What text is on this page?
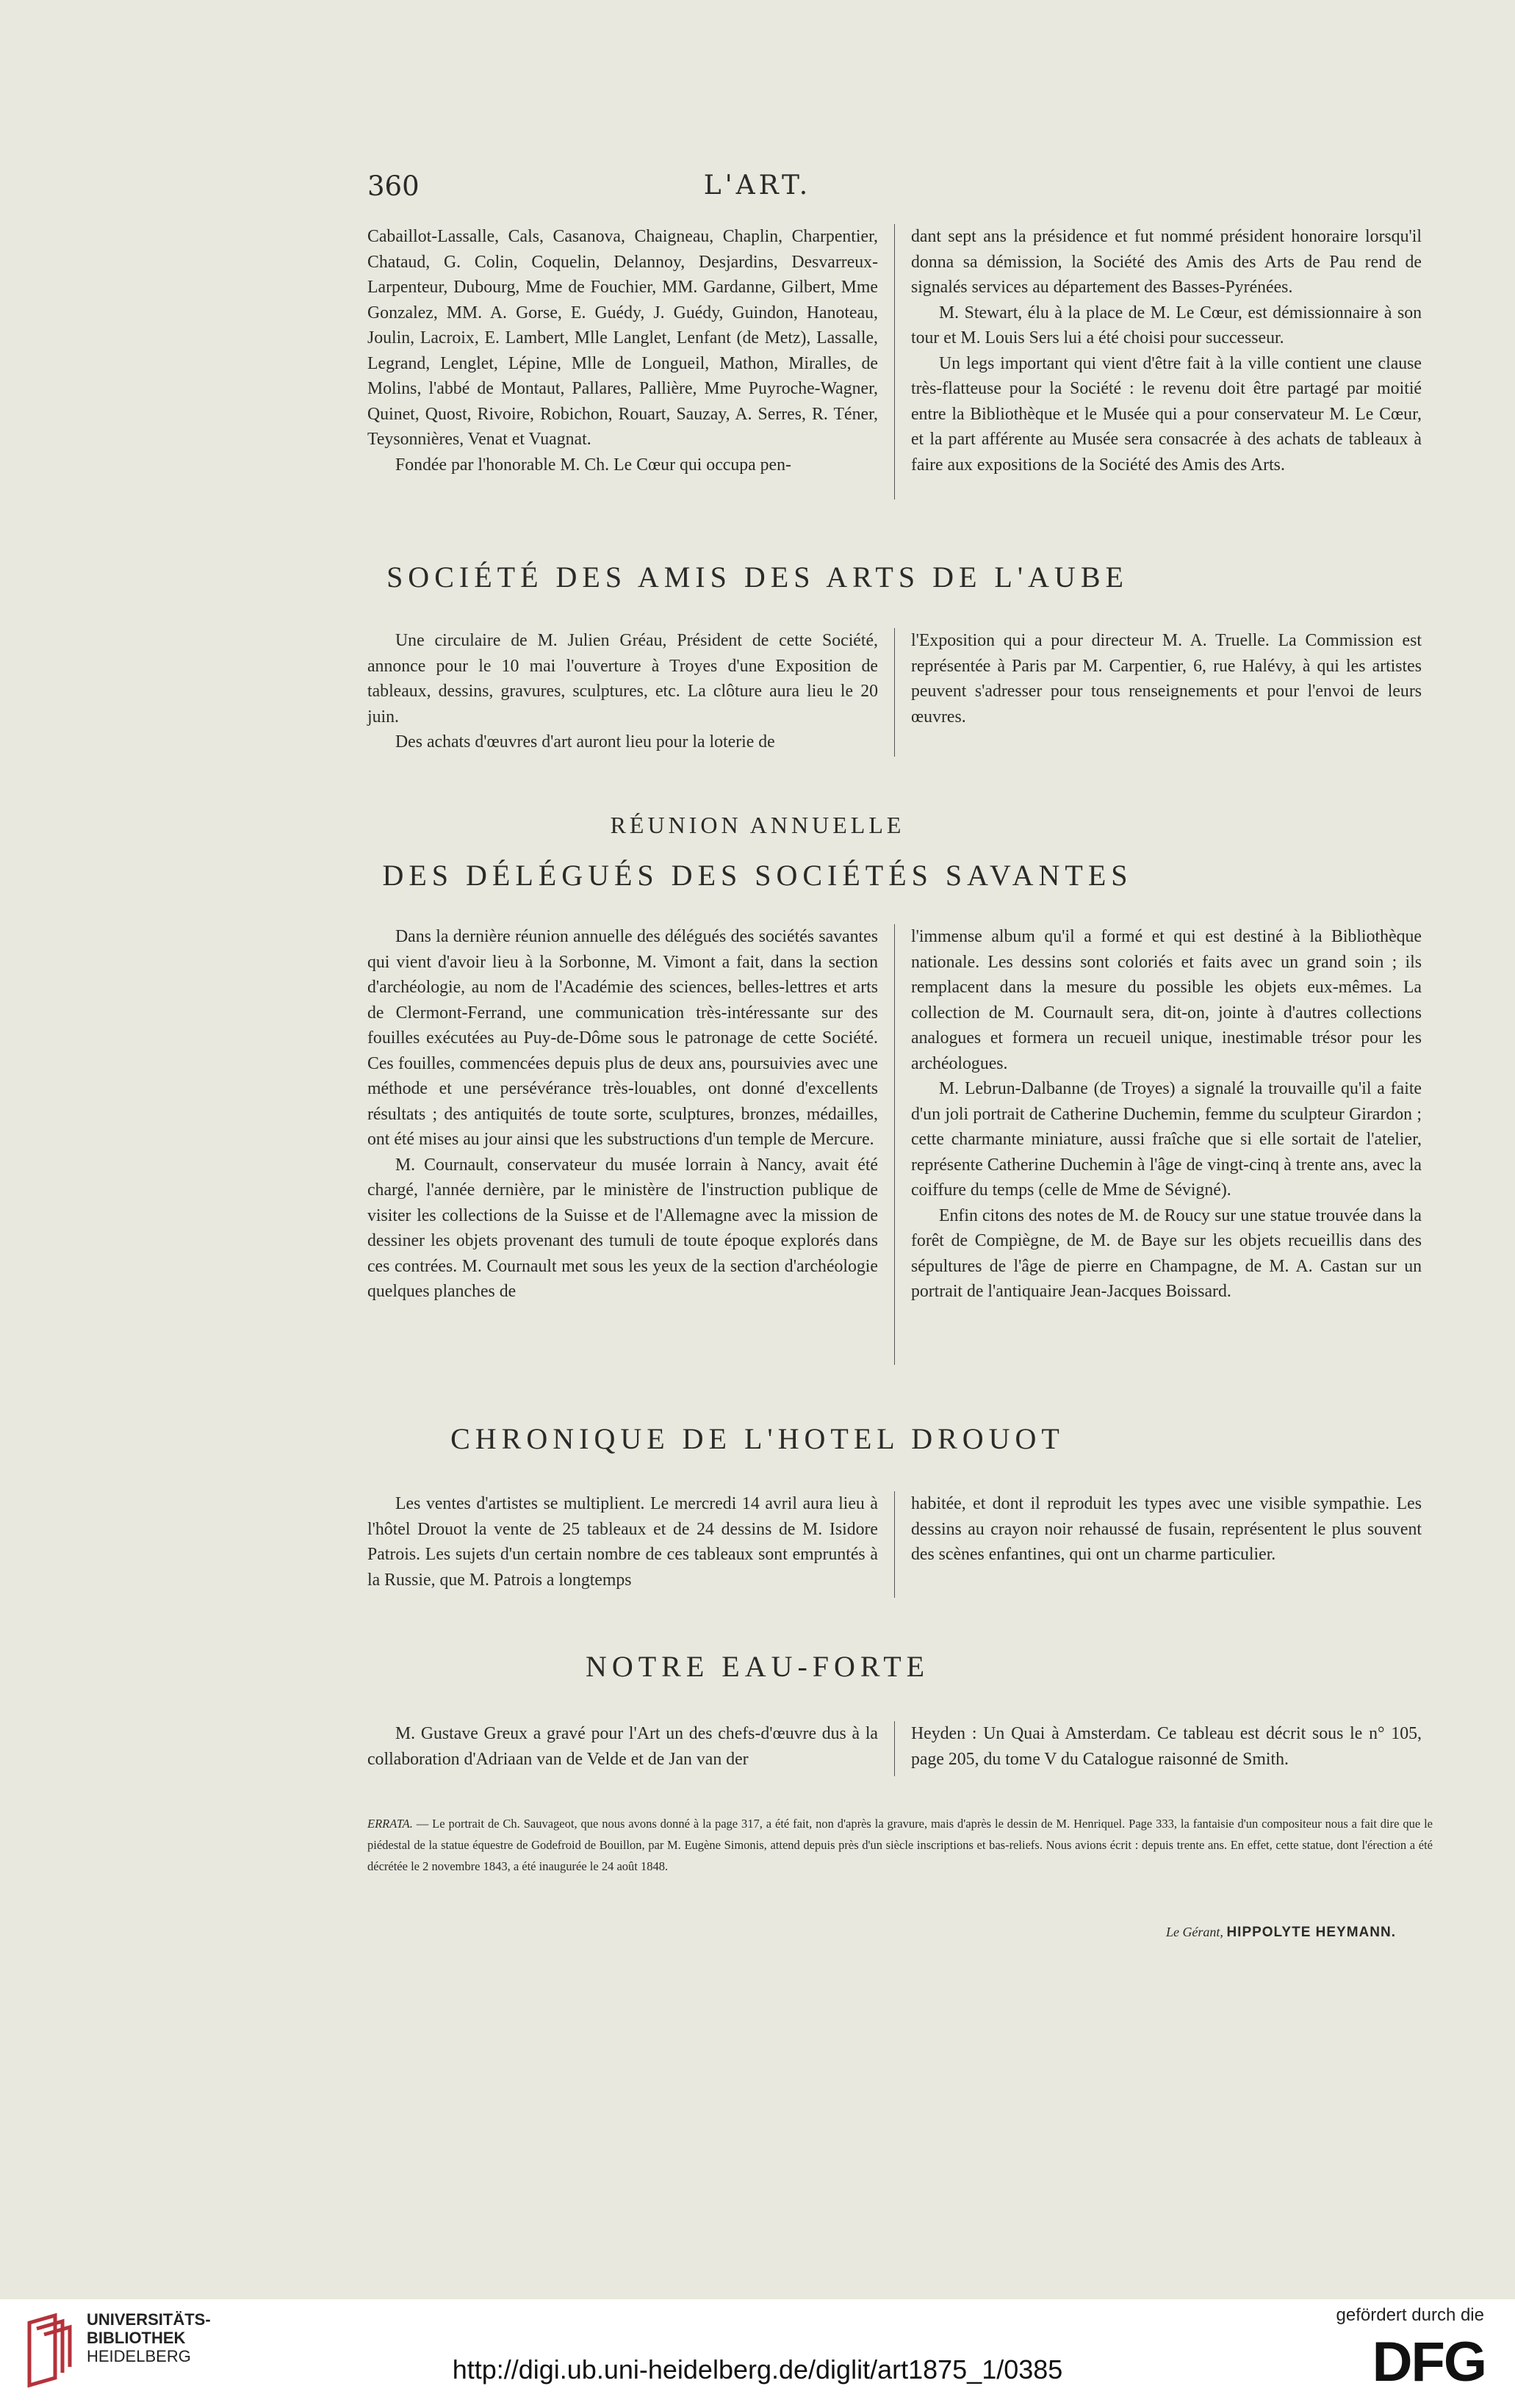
360	L'ART.

Cabaillot-Lassalle, Cals, Casanova, Chaigneau, Chaplin, Charpentier, Chataud, G. Colin, Coquelin, Delannoy, Desjardins, Desvarreux-Larpenteur, Dubourg, Mme de Fouchier, MM. Gardanne, Gilbert, Mme Gonzalez, MM. A. Gorse, E. Guédy, J. Guédy, Guindon, Hanoteau, Joulin, Lacroix, E. Lambert, Mlle Langlet, Lenfant (de Metz), Lassalle, Legrand, Lenglet, Lépine, Mlle de Longueil, Mathon, Miralles, de Molins, l'abbé de Montaut, Pallares, Pallière, Mme Puyroche-Wagner, Quinet, Quost, Rivoire, Robichon, Rouart, Sauzay, A. Serres, R. Téner, Teysonnières, Venat et Vuagnat.

Fondée par l'honorable M. Ch. Le Cœur qui occupa pen-

dant sept ans la présidence et fut nommé président honoraire lorsqu'il donna sa démission, la Société des Amis des Arts de Pau rend de signalés services au département des Basses-Pyrénées.

M. Stewart, élu à la place de M. Le Cœur, est démissionnaire à son tour et M. Louis Sers lui a été choisi pour successeur.

Un legs important qui vient d'être fait à la ville contient une clause très-flatteuse pour la Société : le revenu doit être partagé par moitié entre la Bibliothèque et le Musée qui a pour conservateur M. Le Cœur, et la part afférente au Musée sera consacrée à des achats de tableaux à faire aux expositions de la Société des Amis des Arts.

SOCIÉTÉ DES AMIS DES ARTS DE L'AUBE

Une circulaire de M. Julien Gréau, Président de cette Société, annonce pour le 10 mai l'ouverture à Troyes d'une Exposition de tableaux, dessins, gravures, sculptures, etc. La clôture aura lieu le 20 juin.

Des achats d'œuvres d'art auront lieu pour la loterie de

l'Exposition qui a pour directeur M. A. Truelle. La Commission est représentée à Paris par M. Carpentier, 6, rue Halévy, à qui les artistes peuvent s'adresser pour tous renseignements et pour l'envoi de leurs œuvres.

RÉUNION ANNUELLE
DES DÉLÉGUÉS DES SOCIÉTÉS SAVANTES

Dans la dernière réunion annuelle des délégués des sociétés savantes qui vient d'avoir lieu à la Sorbonne, M. Vimont a fait, dans la section d'archéologie, au nom de l'Académie des sciences, belles-lettres et arts de Clermont-Ferrand, une communication très-intéressante sur des fouilles exécutées au Puy-de-Dôme sous le patronage de cette Société. Ces fouilles, commencées depuis plus de deux ans, poursuivies avec une méthode et une persévérance très-louables, ont donné d'excellents résultats ; des antiquités de toute sorte, sculptures, bronzes, médailles, ont été mises au jour ainsi que les substructions d'un temple de Mercure.

M. Cournault, conservateur du musée lorrain à Nancy, avait été chargé, l'année dernière, par le ministère de l'instruction publique de visiter les collections de la Suisse et de l'Allemagne avec la mission de dessiner les objets provenant des tumuli de toute époque explorés dans ces contrées. M. Cournault met sous les yeux de la section d'archéologie quelques planches de

l'immense album qu'il a formé et qui est destiné à la Bibliothèque nationale. Les dessins sont coloriés et faits avec un grand soin ; ils remplacent dans la mesure du possible les objets eux-mêmes. La collection de M. Cournault sera, dit-on, jointe à d'autres collections analogues et formera un recueil unique, inestimable trésor pour les archéologues.

M. Lebrun-Dalbanne (de Troyes) a signalé la trouvaille qu'il a faite d'un joli portrait de Catherine Duchemin, femme du sculpteur Girardon ; cette charmante miniature, aussi fraîche que si elle sortait de l'atelier, représente Catherine Duchemin à l'âge de vingt-cinq à trente ans, avec la coiffure du temps (celle de Mme de Sévigné).

Enfin citons des notes de M. de Roucy sur une statue trouvée dans la forêt de Compiègne, de M. de Baye sur les objets recueillis dans des sépultures de l'âge de pierre en Champagne, de M. A. Castan sur un portrait de l'antiquaire Jean-Jacques Boissard.

CHRONIQUE DE L'HOTEL DROUOT

Les ventes d'artistes se multiplient. Le mercredi 14 avril aura lieu à l'hôtel Drouot la vente de 25 tableaux et de 24 dessins de M. Isidore Patrois. Les sujets d'un certain nombre de ces tableaux sont empruntés à la Russie, que M. Patrois a longtemps

habitée, et dont il reproduit les types avec une visible sympathie. Les dessins au crayon noir rehaussé de fusain, représentent le plus souvent des scènes enfantines, qui ont un charme particulier.

NOTRE EAU-FORTE

M. Gustave Greux a gravé pour l'Art un des chefs-d'œuvre dus à la collaboration d'Adriaan van de Velde et de Jan van der

Heyden : Un Quai à Amsterdam. Ce tableau est décrit sous le n° 105, page 205, du tome V du Catalogue raisonné de Smith.

ERRATA. — Le portrait de Ch. Sauvageot, que nous avons donné à la page 317, a été fait, non d'après la gravure, mais d'après le dessin de M. Henriquel. Page 333, la fantaisie d'un compositeur nous a fait dire que le piédestal de la statue équestre de Godefroid de Bouillon, par M. Eugène Simonis, attend depuis près d'un siècle inscriptions et bas-reliefs. Nous avions écrit : depuis trente ans. En effet, cette statue, dont l'érection a été décrétée le 2 novembre 1843, a été inaugurée le 24 août 1848.
Le Gérant, HIPPOLYTE HEYMANN.
UNIVERSITÄTS-
BIBLIOTHEK
HEIDELBERG	http://digi.ub.uni-heidelberg.de/diglit/art1875_1/0385
gefördert durch die
DFG
